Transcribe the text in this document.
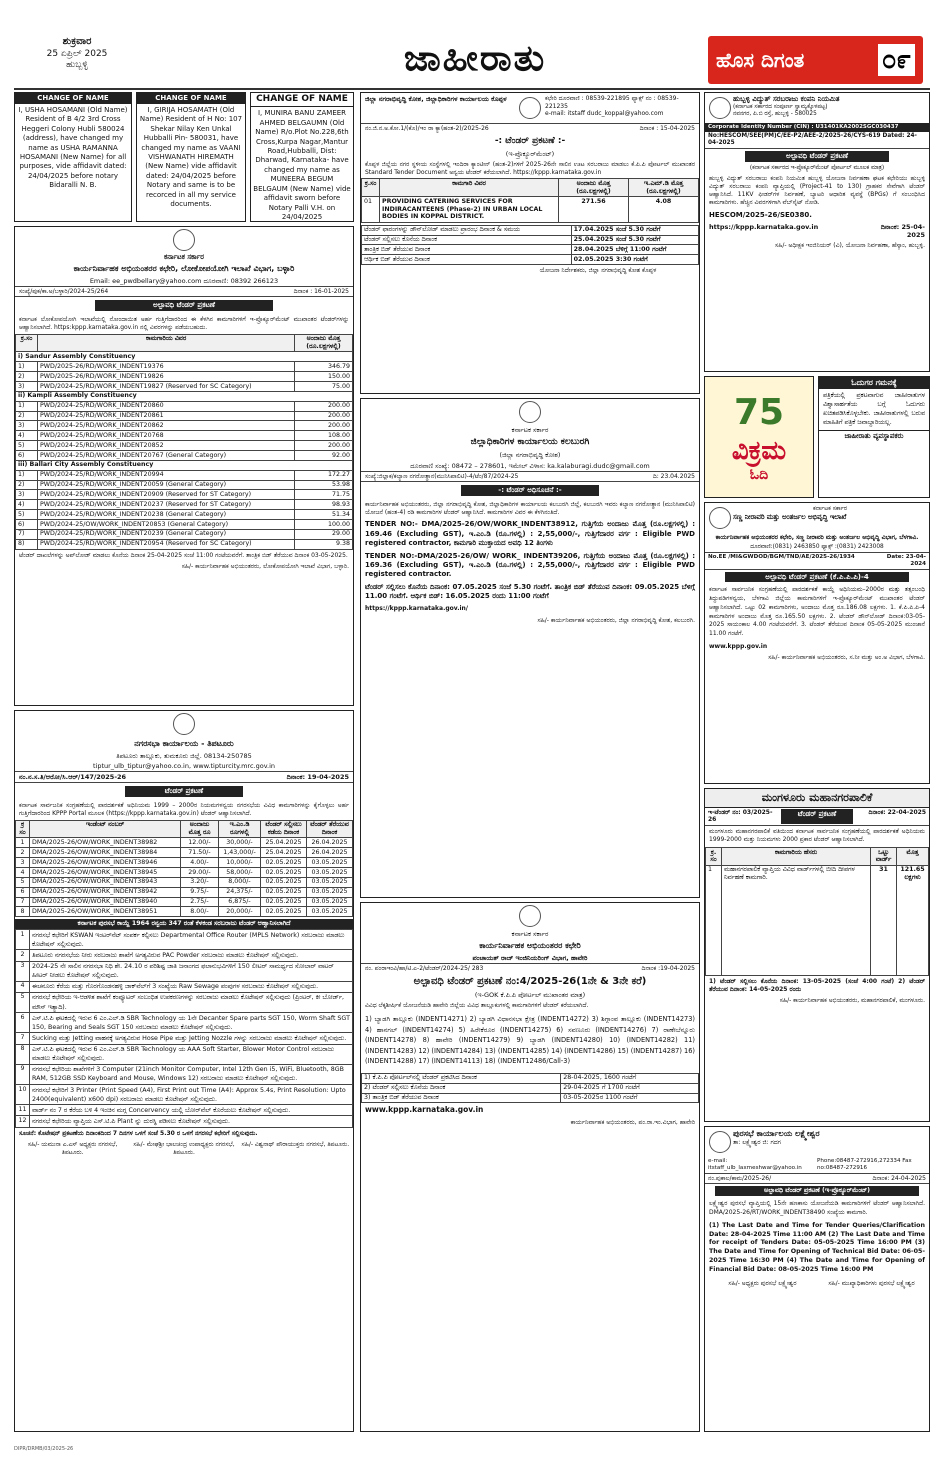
ಶುಕ್ರವಾರ
25 ಏಪ್ರಿಲ್ 2025
ಹುಬ್ಬಳ್ಳಿ	ಜಾಹೀರಾತು	ಹೊಸ ದಿಗಂತ	೦೯
CHANGE OF NAME
I, USHA HOSAMANI (Old Name) Resident of B 4/2 3rd Cross Heggeri Colony Hubli 580024 (address), have changed my name as USHA RAMANNA HOSAMANI (New Name) for all purposes, vide affidavit dated: 24/04/2025 before notary Bidaralli N. B.
CHANGE OF NAME
I, GIRIJA HOSAMATH (Old Name) Resident of H No: 107 Shekar Nilay Ken Unkal Hubballi Pin- 580031, have changed my name as VAANI VISHWANATH HIREMATH (New Name) vide affidavit dated: 24/04/2025 before Notary and same is to be recorced in all my service documents.
CHANGE OF NAME
I, MUNIRA BANU ZAMEER AHMED BELGAUMN (Old Name) R/o.Plot No.228,6th Cross,Kurpa Nagar,Mantur Road,Hubballi, Dist: Dharwad, Karnataka- have changed my name as MUNEERA BEGUM BELGAUM (New Name) vide affidavit sworn before Notary Palli V.H. on 24/04/2025
ಕರ್ನಾಟಕ ಸರ್ಕಾರ
ಕಾರ್ಯನಿರ್ವಾಹಕ ಅಭಿಯಂತರರ ಕಛೇರಿ, ಲೋಕೋಪಯೋಗಿ ಇಲಾಖೆ ವಿಭಾಗ, ಬಳ್ಳಾರಿ
Email: ee_pwdbellary@yahoo.com ದೂರವಾಣಿ: 08392 266123
ಸಂಖ್ಯೆ/ಪುಕ/ಕಾ.ಅ/ಬಳ್ಳಾರಿ/2024-25/264	ದಿನಾಂಕ : 16-01-2025
ಅಲ್ಪಾವಧಿ ಟೆಂಡರ್ ಪ್ರಕಟಣೆ
ಕರ್ನಾಟಕ ಲೋಕೋಪಯೋಗಿ ಇಲಾಖೆಯಲ್ಲಿ ನೋಂದಾಯಿತ ಅರ್ಹ ಗುತ್ತಿಗೆದಾರರಿಂದ ಈ ಕೆಳಗಿನ ಕಾಮಗಾರಿಗಳಿಗೆ ಇ-ಪ್ರೊಕ್ಯೂರ್‌ಮೆಂಟ್ ಮುಖಾಂತರ ಟೆಂಡರ್‌ಗಳನ್ನು ಆಹ್ವಾನಿಸಲಾಗಿದೆ. https:kppp.karnataka.gov.in ನಲ್ಲಿ ವಿವರಗಳನ್ನು ಪಡೆಯಬಹುದು.
ಕ್ರ.ಸಂ	ಕಾಮಗಾರಿಯ ವಿವರ	ಅಂದಾಜು ಮೊತ್ತ (ರೂ.ಲಕ್ಷಗಳಲ್ಲಿ)
i) Sandur Assembly Constituency		
1)	PWD/2025-26/RD/WORK_INDENT19376	346.79
2)	PWD/2025-26/RD/WORK_INDENT19826	150.00
3)	PWD/2024-25/RD/WORK_INDENT19827 (Reserved for SC Category)	75.00
ii) Kampli Assembly Constituency		
1)	PWD/2024-25/RD/WORK_INDENT20860	200.00
2)	PWD/2024-25/RD/WORK_INDENT20861	200.00
3)	PWD/2024-25/RD/WORK_INDENT20862	200.00
4)	PWD/2024-25/RD/WORK_INDENT20768	108.00
5)	PWD/2024-25/RD/WORK_INDENT20852	200.00
6)	PWD/2024-25/RD/WORK_INDENT20767 (General Category)	92.00
iii) Ballari City Assembly Constituency		
1)	PWD/2024-25/RD/WORK_INDENT20994	172.27
2)	PWD/2024-25/RD/WORK_INDENT20059 (General Category)	53.98
3)	PWD/2024-25/RD/WORK_INDENT20909 (Reserved for ST Category)	71.75
4)	PWD/2024-25/RD/WORK_INDENT20237 (Reserved for ST Category)	98.93
5)	PWD/2024-25/RD/WORK_INDENT20238 (General Category)	51.34
6)	PWD/2024-25/OW/WORK_INDENT20853 (General Category)	100.00
7)	PWD/2024-25/RD/WORK_INDENT20239 (General Category)	29.00
8)	PWD/2024-25/RD/WORK_INDENT20954 (Reserved for SC Category)	9.38
ಟೆಂಡರ್ ದಾಖಲೆಗಳನ್ನು ಅಪ್‌ಲೋಡ್ ಮಾಡಲು ಕೊನೆಯ ದಿನಾಂಕ 25-04-2025 ಸಂಜೆ 11:00 ಗಂಟೆಯವರೆಗೆ. ತಾಂತ್ರಿಕ ಬಿಡ್ ತೆರೆಯುವ ದಿನಾಂಕ 03-05-2025.
ಸಹಿ/- ಕಾರ್ಯನಿರ್ವಾಹಕ ಅಭಿಯಂತರರು, ಲೋಕೋಪಯೋಗಿ ಇಲಾಖೆ ವಿಭಾಗ, ಬಳ್ಳಾರಿ.
ನಗರಸಭಾ ಕಾರ್ಯಾಲಯ - ತಿಪಟೂರು
ತಿಪಟೂರು ತಾಲ್ಲೂಕು, ತುಮಕೂರು ಜಿಲ್ಲೆ. 08134-250785
tiptur_ulb_tiptur@yahoo.co.in, www.tipturcity.mrc.gov.in
ನಂ.ನ.ಸ.ತಿ/ಆರೋ/ಸಿ.ಆರ್/147/2025-26	ದಿನಾಂಕ: 19-04-2025
ಟೆಂಡರ್ ಪ್ರಕಟಣೆ
ಕರ್ನಾಟಕ ಸಾರ್ವಜನಿಕ ಸಂಗ್ರಹಣೆಯಲ್ಲಿ ಪಾರದರ್ಶಕತೆ ಅಧಿನಿಯಮ 1999 – 2000ರ ನಿಯಮಗಳನ್ವಯ ನಗರಸಭೆಯ ವಿವಿಧ ಕಾಮಗಾರಿಗಳನ್ನು ಕೈಗೊಳ್ಳಲು ಅರ್ಹ ಗುತ್ತಿಗೆದಾರರಿಂದ KPPP Portal ಮೂಲಕ (https://kppp.karnataka.gov.in) ಟೆಂಡರ್ ಆಹ್ವಾನಿಸಲಾಗಿದೆ.
ಕ್ರ ಸಂ	ಇಂಡೆಂಟ್ ನಂಬರ್	ಅಂದಾಜು ಮೊತ್ತ ರೂ	ಇ.ಎಂ.ಡಿ ರೂಗಳಲ್ಲಿ	ಟೆಂಡರ್ ಸಲ್ಲಿಸಲು ಕಡೆಯ ದಿನಾಂಕ	ಟೆಂಡರ್ ತೆರೆಯುವ ದಿನಾಂಕ
1	DMA/2025-26/OW/WORK_INDENT38982	12.00/-	30,000/-	25.04.2025	26.04.2025
2	DMA/2025-26/OW/WORK_INDENT38984	71.50/-	1,43,000/-	25.04.2025	26.04.2025
3	DMA/2025-26/OW/WORK_INDENT38946	4.00/-	10,000/-	02.05.2025	03.05.2025
4	DMA/2025-26/OW/WORK_INDENT38945	29.00/-	58,000/-	02.05.2025	03.05.2025
5	DMA/2025-26/OW/WORK_INDENT38943	3.20/-	8,000/-	02.05.2025	03.05.2025
6	DMA/2025-26/OW/WORK_INDENT38942	9.75/-	24,375/-	02.05.2025	03.05.2025
7	DMA/2025-26/OW/WORK_INDENT38940	2.75/-	6,875/-	02.05.2025	03.05.2025
8	DMA/2025-26/OW/WORK_INDENT38951	8.00/-	20,000/-	02.05.2025	03.05.2025
ಕರ್ನಾಟಕ ಪುರಸಭೆ ಕಾಯ್ದೆ 1964 ರನ್ವಯ 347 ರಂತೆ ಕೆಳಕಂಡ ಸರಬರಾಜು ಟೆಂಡರ್ ಆಹ್ವಾನಿಸಲಾಗಿದೆ
1	ನಗರಸಭೆ ಕಛೇರಿಗೆ KSWAN ಇಂಟರ್‌ನೆಟ್ ಸಂಪರ್ಕ ಕಲ್ಪಿಸಲು Departmental Office Router (MPLS Network) ಸರಬರಾಜು ಮಾಡಲು ಕೊಟೇಷನ್ ಸಲ್ಲಿಸುವುದು.
2	ತಿಪಟೂರು ನಗರಸಭೆಯ ನೀರು ಸರಬರಾಜು ಶಾಖೆಗೆ ಅಗತ್ಯವಿರುವ PAC Powder ಸರಬರಾಜು ಮಾಡಲು ಕೊಟೇಷನ್ ಸಲ್ಲಿಸುವುದು.
3	2024-25 ನೇ ಸಾಲಿನ ನಗರಸಭಾ ನಿಧಿ ಶೇ. 24.10 ರ ಪರಿಶಿಷ್ಟ ಜಾತಿ ಜನಾಂಗದ ಫಲಾನುಭವಿಗಳಿಗೆ 150 ಲೀಟರ್ ಸಾಮರ್ಥ್ಯದ ಸೋಲಾರ್ ವಾಟರ್ ಹೀಟರ್ ನೀಡಲು ಕೊಟೇಷನ್ ಸಲ್ಲಿಸುವುದು.
4	ಈಚನೂರು ಕೆರೆಯ ಮತ್ತು ಗೊರಗೊಂಡನಹಳ್ಳಿ ಜಾಕ್‌ವೆಲ್‌ಗೆ 3 ಸಂಖ್ಯೆಯ Raw Sewage ಪಂಪುಗಳ ಸರಬರಾಜು ಕೊಟೇಷನ್ ಸಲ್ಲಿಸುವುದು.
5	ನಗರಸಭೆ ಕಛೇರಿಯ ಇ-ಆಡಳಿತ ಶಾಖೆಗೆ ಕಂಪ್ಯೂಟರ್ ಸಂಬಂಧಿತ ಉಪಕರಣಗಳನ್ನು ಸರಬರಾಜು ಮಾಡಲು ಕೊಟೇಷನ್ ಸಲ್ಲಿಸುವುದು (ಪ್ರಿಂಟರ್, ಕೀ ಬೋರ್ಡ್, ಮೌಸ್ ಇತ್ಯಾದಿ).
6	ಎಸ್.ಟಿ.ಪಿ ಘಟಕದಲ್ಲಿ ಇರುವ 6 ಎಂ.ಎಲ್.ಡಿ SBR Technology ಯ 1ನೇ Decanter Spare parts SGT 150, Worm Shaft SGT 150, Bearing and Seals SGT 150 ಸರಬರಾಜು ಮಾಡಲು ಕೊಟೇಷನ್ ಸಲ್ಲಿಸುವುದು.
7	Sucking ಮತ್ತು Jetting ವಾಹನಕ್ಕೆ ಅಗತ್ಯವಿರುವ Hose Pipe ಮತ್ತು Jetting Nozzle ಗಳನ್ನು ಸರಬರಾಜು ಮಾಡಲು ಕೊಟೇಷನ್ ಸಲ್ಲಿಸುವುದು.
8	ಎಸ್.ಟಿ.ಪಿ ಘಟಕದಲ್ಲಿ ಇರುವ 6 ಎಂ.ಎಲ್.ಡಿ SBR Technology ಯ AAA Soft Starter, Blower Motor Control ಸರಬರಾಜು ಮಾಡಲು ಕೊಟೇಷನ್ ಸಲ್ಲಿಸುವುದು.
9	ನಗರಸಭೆ ಕಛೇರಿಯ ಶಾಖೆಗಳಿಗೆ 3 Computer (21inch Monitor Computer, Intel 12th Gen i5, WiFi, Bluetooth, 8GB RAM, 512GB SSD Keyboard and Mouse, Windows 12) ಸರಬರಾಜು ಮಾಡಲು ಕೊಟೇಷನ್ ಸಲ್ಲಿಸುವುದು.
10	ನಗರಸಭೆ ಕಛೇರಿಗೆ 3 Printer (Print Speed (A4), First Print out Time (A4): Approx 5.4s, Print Resolution: Upto 2400(equivalent) x600 dpi) ಸರಬರಾಜು ಮಾಡಲು ಕೊಟೇಷನ್ ಸಲ್ಲಿಸುವುದು.
11	ವಾರ್ಡ್ ನಂ 7 ರ ಕೆರೆಯ ಬಳಿ 4 ಇಂಚಿನ ಮಗ್ಗ Concervency ಯಲ್ಲಿ ಬೋರ್‌ವೆಲ್ ಕೊರೆಯಲು ಕೊಟೇಷನ್ ಸಲ್ಲಿಸುವುದು.
12	ನಗರಸಭೆ ಕಛೇರಿಯ ವ್ಯಾಪ್ತಿಯ ಎಸ್.ಟಿ.ಪಿ Plant ನ್ನು ದುರಸ್ಥಿ ಪಡಿಸಲು ಕೊಟೇಷನ್ ಸಲ್ಲಿಸುವುದು.
ಸೂಚನೆ: ಕೊಟೇಷನ್ ಪ್ರಕಟಣೆಯ ದಿನಾಂಕದಿಂದ 7 ದಿನಗಳ ಒಳಗೆ ಸಂಜೆ 5.30 ರ ಒಳಗೆ ನಗರಸಭೆ ಕಛೇರಿಗೆ ಸಲ್ಲಿಸುವುದು.
ಸಹಿ/- ಯಮುನಾ ಎ.ಎಸ್ ಅಧ್ಯಕ್ಷರು ನಗರಸಭೆ, ತಿಪಟೂರು.
ಸಹಿ/- ಮೇಘಶ್ರೀ ಭಾಲಚಂದ್ರ ಉಪಾಧ್ಯಕ್ಷರು ನಗರಸಭೆ, ತಿಪಟೂರು.
ಸಹಿ/- ವಿಶ್ವನಾಥ್ ಪೌರಾಯುಕ್ತರು ನಗರಸಭೆ, ತಿಪಟೂರು.
ಜಿಲ್ಲಾ ನಗರಾಭಿವೃದ್ಧಿ ಕೋಶ, ಜಿಲ್ಲಾಧಿಕಾರಿಗಳ ಕಾರ್ಯಾಲಯ ಕೊಪ್ಪಳ	ಕಛೇರಿ ದೂರವಾಣಿ : 08539-221895 ಫ್ಯಾಕ್ಸ್ ನಂ : 08539-221235
e-mail: itstaff dudc_koppal@yahoo.com
ನಂ.ಜಿ.ನ.ಅ.ಕೋ.1/(ಕೊ)/ಇಂ ರಾ ಕ್ಯಾ(ಹಂತ-2)/2025-26	ದಿನಾಂಕ : 15-04-2025
-: ಟೆಂಡರ್ ಪ್ರಕಟಣೆ :-
(ಇ-ಪ್ರೊಕ್ಯೂರ್‌ಮೆಂಟ್)
ಕೊಪ್ಪಳ ಜಿಲ್ಲೆಯ ನಗರ ಸ್ಥಳೀಯ ಸಂಸ್ಥೆಗಳಲ್ಲಿ ಇಂದಿರಾ ಕ್ಯಾಂಟೀನ್ (ಹಂತ-2)ಗಳಿಗೆ 2025-26ನೇ ಸಾಲಿನ ಊಟ ಸರಬರಾಜು ಮಾಡಲು ಕೆ.ಪಿ.ಪಿ ಪೋರ್ಟಲ್ ಮುಖಾಂತರ Standard Tender Document ಅನ್ವಯ ಟೆಂಡರ್ ಕರೆಯಲಾಗಿದೆ. https://kppp.karnataka.gov.in
ಕ್ರ.ಸಂ	ಕಾಮಗಾರಿ ವಿವರ	ಅಂದಾಜು ಮೊತ್ತ (ರೂ.ಲಕ್ಷಗಳಲ್ಲಿ)	ಇ.ಎಮ್.ಡಿ ಮೊತ್ತ (ರೂ.ಲಕ್ಷಗಳಲ್ಲಿ)
01	PROVIDING CATERING SERVICES FOR INDIRACANTEENS (Phase-2) IN URBAN LOCAL BODIES IN KOPPAL DISTRICT.	271.56	4.08
ಟೆಂಡರ್ ಫಾರಂಗಳನ್ನು ಡೌನ್‌ಲೋಡ್ ಮಾಡಲು ಪ್ರಾರಂಭ ದಿನಾಂಕ & ಸಮಯ	17.04.2025 ಸಂಜೆ 5.30 ಗಂಟೆಗೆ
ಟೆಂಡರ್ ಸಲ್ಲಿಸಲು ಕೊನೆಯ ದಿನಾಂಕ	25.04.2025 ಸಂಜೆ 5.30 ಗಂಟೆಗೆ
ತಾಂತ್ರಿಕ ಬಿಡ್ ತೆರೆಯುವ ದಿನಾಂಕ	28.04.2025 ಬೆಳಿಗ್ಗೆ 11:00 ಗಂಟೆಗೆ
ಆರ್ಥಿಕ ಬಿಡ್ ತೆರೆಯುವ ದಿನಾಂಕ	02.05.2025 3:30 ಗಂಟೆಗೆ
ಯೋಜನಾ ನಿರ್ದೇಶಕರು, ಜಿಲ್ಲಾ ನಗರಾಭಿವೃದ್ಧಿ ಕೋಶ ಕೊಪ್ಪಳ
ಕರ್ನಾಟಕ ಸರ್ಕಾರ
ಜಿಲ್ಲಾಧಿಕಾರಿಗಳ ಕಾರ್ಯಾಲಯ ಕಲಬುರಗಿ
(ಜಿಲ್ಲಾ ನಗರಾಭಿವೃದ್ಧಿ ಕೋಶ)
ದೂರವಾಣಿ ಸಂಖ್ಯೆ: 08472 – 278601, ಇಮೇಲ್ ವಿಳಾಸ: ka.kalaburagi.dudc@gmail.com
ಸಂಖ್ಯೆ:ಜಿಲ್ಲಾಕ/ಕಲ್ಯಾಣ ನಗರೋತ್ಥಾನ(ಮುನಿಸಿಪಾಲಿಟಿ)-4/ಟೆಂ/87/2024-25	ದಿ: 23.04.2025
-: ಟೆಂಡರ್ ಅಧಿಸೂಚನೆ :-
ಕಾರ್ಯನಿರ್ವಾಹಕ ಅಭಿಯಂತರರು, ಜಿಲ್ಲಾ ನಗರಾಭಿವೃದ್ಧಿ ಕೋಶ, ಜಿಲ್ಲಾಧಿಕಾರಿಗಳ ಕಾರ್ಯಾಲಯ ಕಲಬುರಗಿ ಜಿಲ್ಲೆ, ಕಲಬುರಗಿ ಇವರು ಕಲ್ಯಾಣ ನಗರೋತ್ಥಾನ (ಮುನಿಸಿಪಾಲಿಟಿ) ಯೋಜನೆ (ಹಂತ-4) ರಡಿ ಕಾಮಗಾರಿಗಳ ಟೆಂಡರ್ ಆಹ್ವಾನಿಸಿದೆ. ಕಾಮಗಾರಿಗಳ ವಿವರ ಈ ಕೆಳಗಿನಂತಿದೆ.
TENDER NO:- DMA/2025-26/OW/WORK_INDENT38912, ಗುತ್ತಿಗೆಯ ಅಂದಾಜು ಮೊತ್ತ (ರೂ.ಲಕ್ಷಗಳಲ್ಲಿ) : 169.46 (Excluding GST), ಇ.ಎಂ.ಡಿ (ರೂ.ಗಳಲ್ಲಿ) : 2,55,000/-, ಗುತ್ತಿಗೆದಾರರ ವರ್ಗ : Eligible PWD registered contractor, ಕಾಮಗಾರಿ ಮುಕ್ತಾಯದ ಅವಧಿ 12 ತಿಂಗಳು
TENDER NO:-DMA/2025-26/OW/ WORK_ INDENT39206, ಗುತ್ತಿಗೆಯ ಅಂದಾಜು ಮೊತ್ತ (ರೂ.ಲಕ್ಷಗಳಲ್ಲಿ) : 169.36 (Excluding GST), ಇ.ಎಂ.ಡಿ (ರೂ.ಗಳಲ್ಲಿ) : 2,55,000/-, ಗುತ್ತಿಗೆದಾರರ ವರ್ಗ : Eligible PWD registered contractor.
ಟೆಂಡರ್ ಸಲ್ಲಿಸಲು ಕೊನೆಯ ದಿನಾಂಕ: 07.05.2025 ಸಂಜೆ 5.30 ಗಂಟೆಗೆ. ತಾಂತ್ರಿಕ ಬಿಡ್ ತೆರೆಯುವ ದಿನಾಂಕ: 09.05.2025 ಬೆಳಿಗ್ಗೆ 11.00 ಗಂಟೆಗೆ. ಆರ್ಥಿಕ ಬಿಡ್: 16.05.2025 ರಂದು 11:00 ಗಂಟೆಗೆ
https://kppp.karnataka.gov.in/
ಸಹಿ/- ಕಾರ್ಯನಿರ್ವಾಹಕ ಅಭಿಯಂತರರು, ಜಿಲ್ಲಾ ನಗರಾಭಿವೃದ್ಧಿ ಕೋಶ, ಕಲಬುರಗಿ.
ಕರ್ನಾಟಕ ಸರ್ಕಾರ
ಕಾರ್ಯನಿರ್ವಾಹಕ ಅಭಿಯಂತರರ ಕಛೇರಿ
ಪಂಚಾಯತ್ ರಾಜ್ ಇಂಜಿನಿಯರಿಂಗ್ ವಿಭಾಗ, ಹಾವೇರಿ
ನಂ. ಪಂರಾಇಂವಿ/ಹಾ/ಟಿ.ಎ-2/ಟೆಂಡರ್/2024-25/ 283	ದಿನಾಂಕ :19-04-2025
ಅಲ್ಪಾವಧಿ ಟೆಂಡರ್ ಪ್ರಕಟಣೆ ನಂ:4/2025-26(1ನೇ & 3ನೇ ಕರೆ)
(ಇ-GOK ಕೆ.ಪಿ.ಪಿ ಪೋರ್ಟಲ್ ಮುಖಾಂತರ ಮಾತ್ರ)
ವಿವಿಧ ಲೆಕ್ಕಶೀರ್ಷಿಕೆ ಯೋಜನೆಯಡಿ ಹಾವೇರಿ ಜಿಲ್ಲೆಯ ವಿವಿಧ ತಾಲ್ಲೂಕುಗಳಲ್ಲಿ ಕಾಮಗಾರಿಗಳಿಗೆ ಟೆಂಡರ್ ಕರೆಯಲಾಗಿದೆ.
1) ಬ್ಯಾಡಗಿ ತಾಲ್ಲೂಕು (INDENT14271) 2) ಬ್ಯಾಡಗಿ ವಿಧಾನಸಭಾ ಕ್ಷೇತ್ರ (INDENT14272) 3) ಶಿಗ್ಗಾಂವ ತಾಲ್ಲೂಕು (INDENT14273) 4) ಹಾನಗಲ್ (INDENT14274) 5) ಹಿರೇಕೆರೂರ (INDENT14275) 6) ಸವಣೂರು (INDENT14276) 7) ರಾಣೇಬೆನ್ನೂರು (INDENT14278) 8) ಹಾವೇರಿ (INDENT14279) 9) ಬ್ಯಾಡಗಿ (INDENT14280) 10) (INDENT14282) 11) (INDENT14283) 12) (INDENT14284) 13) (INDENT14285) 14) (INDENT14286) 15) (INDENT14287) 16) (INDENT14288) 17) (INDENT14113) 18) (INDENT12486/Call-3)
1) ಕೆ.ಪಿ.ಪಿ ಪೋರ್ಟಲ್‌ನಲ್ಲಿ ಟೆಂಡರ್ ಪ್ರಕಟಿಸಿದ ದಿನಾಂಕ	28-04-2025, 1600 ಗಂಟೆಗೆ
2) ಟೆಂಡರ್ ಸಲ್ಲಿಸಲು ಕೊನೆಯ ದಿನಾಂಕ	29-04-2025 ಗೆ 1700 ಗಂಟೆಗೆ
3) ತಾಂತ್ರಿಕ ಬಿಡ್ ತೆರೆಯುವ ದಿನಾಂಕ	03-05-2025ರ 1100 ಗಂಟೆಗೆ
www.kppp.karnataka.gov.in
ಕಾರ್ಯನಿರ್ವಾಹಕ ಅಭಿಯಂತರರು, ಪಂ.ರಾ.ಇಂ.ವಿಭಾಗ, ಹಾವೇರಿ
ಹುಬ್ಬಳ್ಳಿ ವಿದ್ಯುತ್ ಸರಬರಾಜು ಕಂಪನಿ ನಿಯಮಿತ
(ಕರ್ನಾಟಕ ಸರ್ಕಾರದ ಸಂಪೂರ್ಣ ಸ್ವಾಮ್ಯಕ್ಕೊಳಪಟ್ಟ)
ನವನಗರ, ಪಿ.ಬಿ ರಸ್ತೆ, ಹುಬ್ಬಳ್ಳಿ - 580025
Corporate Identity Number (CIN) : U31401KA2002SGC030437
No:HESCOM/SEE(PM)C/EE-P2/AEE-2/2025-26/CYS-619 Dated: 24-04-2025
ಅಲ್ಪಾವಧಿ ಟೆಂಡರ್ ಪ್ರಕಟಣೆ
(ಕರ್ನಾಟಕ ಸರ್ಕಾರದ ಇ-ಪ್ರೊಕ್ಯೂರ್‌ಮೆಂಟ್ ಪೋರ್ಟಲ್ ಮೂಲಕ ಮಾತ್ರ)
ಹುಬ್ಬಳ್ಳಿ ವಿದ್ಯುತ್ ಸರಬರಾಜು ಕಂಪನಿ ನಿಯಮಿತ ಹುಬ್ಬಳ್ಳಿ ಯೋಜನಾ ನಿರ್ವಹಣಾ ಘಟಕ ಕಛೇರಿಯು ಹುಬ್ಬಳ್ಳಿ ವಿದ್ಯುತ್ ಸರಬರಾಜು ಕಂಪನಿ ವ್ಯಾಪ್ತಿಯಲ್ಲಿ (Project-41 to 130) ಗ್ರಾಹಕರ ಸೇವೆಗಾಗಿ ಟೆಂಡರ್ ಆಹ್ವಾನಿಸಿದೆ. 11KV ಫೀಡರ್‌ಗಳ ನಿರ್ವಹಣೆ, ಬ್ಯಾಟರಿ ಆಧಾರಿತ ವ್ಯವಸ್ಥೆ (BPGs) ಗೆ ಸಂಬಂಧಿಸಿದ ಕಾಮಗಾರಿಗಳು. ಹೆಚ್ಚಿನ ವಿವರಗಳಿಗಾಗಿ ವೆಬ್‌ಸೈಟ್ ನೋಡಿ.
HESCOM/2025-26/SE0380.
https://kppp.karnataka.gov.in	ದಿನಾಂಕ: 25-04-2025
ಸಹಿ/- ಅಧೀಕ್ಷಕ ಇಂಜಿನಿಯರ್ (ವಿ), ಯೋಜನಾ ನಿರ್ವಹಣಾ, ಹೆಸ್ಕಾಂ, ಹುಬ್ಬಳ್ಳಿ.
75
ವಿಕ್ರಮ
ಓದಿ
ಓದುಗರ ಗಮನಕ್ಕೆ
ಪತ್ರಿಕೆಯಲ್ಲಿ ಪ್ರಕಟವಾಗುವ ಜಾಹೀರಾತುಗಳ ವಿಶ್ವಾಸಾರ್ಹತೆಯ ಬಗ್ಗೆ ಓದುಗರು ಖಚಿತಪಡಿಸಿಕೊಳ್ಳಬೇಕು. ಜಾಹೀರಾತುಗಳಲ್ಲಿ ಬರುವ ಮಾಹಿತಿಗೆ ಪತ್ರಿಕೆ ಜವಾಬ್ದಾರಿಯಲ್ಲ.
ಜಾಹೀರಾತು ವ್ಯವಸ್ಥಾಪಕರು
ಕರ್ನಾಟಕ ಸರ್ಕಾರ
ಸಣ್ಣ ನೀರಾವರಿ ಮತ್ತು ಅಂತರ್ಜಲ ಅಭಿವೃದ್ಧಿ ಇಲಾಖೆ
ಕಾರ್ಯನಿರ್ವಾಹಕ ಅಭಿಯಂತರರ ಕಛೇರಿ, ಸಣ್ಣ ನೀರಾವರಿ ಮತ್ತು ಅಂತರ್ಜಲ ಅಭಿವೃದ್ಧಿ ವಿಭಾಗ, ಬೆಳಗಾವಿ.
ದೂರವಾಣಿ:(0831) 2463850 ಫ್ಯಾಕ್ಸ್ :(0831) 2423008
No.EE /MI&GWDOD/BGM/TND/AE/2025-26/1934	Date: 23-04-2024
ಅಲ್ಪಾವಧಿ ಟೆಂಡರ್ ಪ್ರಕಟಣೆ (ಕೆ.ಪಿ.ಪಿ.ಪಿ)-4
ಕರ್ನಾಟಕ ಸಾರ್ವಜನಿಕ ಸಂಗ್ರಹಣೆಯಲ್ಲಿ ಪಾರದರ್ಶಕತೆ ಕಾಯ್ದೆ ಅಧಿನಿಯಮ–2000ರ ಮತ್ತು ತತ್ಸಂಬಂಧಿ ತಿದ್ದುಪಡಿಗಳನ್ವಯ, ಬೆಳಗಾವಿ ಜಿಲ್ಲೆಯ ಕಾಮಗಾರಿಗಳಿಗೆ ಇ-ಪ್ರೊಕ್ಯೂರ್‌ಮೆಂಟ್ ಮುಖಾಂತರ ಟೆಂಡರ್ ಆಹ್ವಾನಿಸಲಾಗಿದೆ. ಒಟ್ಟು 02 ಕಾಮಗಾರಿಗಳು, ಅಂದಾಜು ಮೊತ್ತ ರೂ.186.08 ಲಕ್ಷಗಳು. 1. ಕೆ.ಪಿ.ಪಿ.ಪಿ-4 ಕಾಮಗಾರಿಗಳ ಅಂದಾಜು ಮೊತ್ತ ರೂ.165.50 ಲಕ್ಷಗಳು. 2. ಟೆಂಡರ್ ಡೌನ್‌ಲೋಡ್ ದಿನಾಂಕ:03-05-2025 ಸಾಯಂಕಾಲ 4.00 ಗಂಟೆಯವರೆಗೆ. 3. ಟೆಂಡರ್ ತೆರೆಯುವ ದಿನಾಂಕ 05-05-2025 ಮುಂಜಾನೆ 11.00 ಗಂಟೆಗೆ.
www.kppp.gov.in
ಸಹಿ/- ಕಾರ್ಯನಿರ್ವಾಹಕ ಅಭಿಯಂತರರು, ಸ.ನೀ ಮತ್ತು ಅಂ.ಅ ವಿಭಾಗ, ಬೆಳಗಾವಿ.
ಮಂಗಳೂರು ಮಹಾನಗರಪಾಲಿಕೆ
ಇ-ಟೆಂಡರ್ ನಂ: 03/2025-26
ಟೆಂಡರ್ ಪ್ರಕಟಣೆ	ದಿನಾಂಕ: 22-04-2025
ಮಂಗಳೂರು ಮಹಾನಗರಪಾಲಿಕೆ ವತಿಯಿಂದ ಕರ್ನಾಟಕ ಸಾರ್ವಜನಿಕ ಸಂಗ್ರಹಣೆಯಲ್ಲಿ ಪಾರದರ್ಶಕತೆ ಅಧಿನಿಯಮ 1999-2000 ಮತ್ತು ನಿಯಮಗಳು 2000 ಪ್ರಕಾರ ಟೆಂಡರ್ ಆಹ್ವಾನಿಸಲಾಗಿದೆ.
ಕ್ರ. ಸಂ	ಕಾಮಗಾರಿಯ ಹೆಸರು	ಒಟ್ಟು ವಾರ್ಡ್	ಮೊತ್ತ
1	ಮಹಾನಗರಪಾಲಿಕೆ ವ್ಯಾಪ್ತಿಯ ವಿವಿಧ ವಾರ್ಡ್‌ಗಳಲ್ಲಿ ಬೀದಿ ದೀಪಗಳ ನಿರ್ವಹಣೆ ಕಾಮಗಾರಿ.	31	121.65 ಲಕ್ಷಗಳು
1) ಟೆಂಡರ್ ಸಲ್ಲಿಸಲು ಕೊನೆಯ ದಿನಾಂಕ: 13-05-2025 (ಸಂಜೆ 4:00 ಗಂಟೆ) 2) ಟೆಂಡರ್ ತೆರೆಯುವ ದಿನಾಂಕ: 14-05-2025 ರಂದು
ಸಹಿ/- ಕಾರ್ಯನಿರ್ವಾಹಕ ಅಭಿಯಂತರರು, ಮಹಾನಗರಪಾಲಿಕೆ, ಮಂಗಳೂರು.
ಪುರಸಭೆ ಕಾರ್ಯಾಲಯ ಲಕ್ಷ್ಮೇಶ್ವರ
ತಾ: ಲಕ್ಷ್ಮೇಶ್ವರ ಜಿ: ಗದಗ
e-mail: itstaff_ulb_laxmeshwar@yahoo.in
Phone:08487-272916,272334 Fax no:08487-272916
ನಂ.ಪುಕಾಲ/ಕಾಮ/2025-26/	ದಿನಾಂಕ: 24-04-2025
ಅಲ್ಪಾವಧಿ ಟೆಂಡರ್ ಪ್ರಕಟಣೆ (ಇ-ಪ್ರೊಕ್ಯೂರ್‌ಮೆಂಟ್)
ಲಕ್ಷ್ಮೇಶ್ವರ ಪುರಸಭೆ ವ್ಯಾಪ್ತಿಯಲ್ಲಿ 15ನೇ ಹಣಕಾಸು ಯೋಜನೆಯಡಿ ಕಾಮಗಾರಿಗಳಿಗೆ ಟೆಂಡರ್ ಆಹ್ವಾನಿಸಲಾಗಿದೆ. DMA/2025-26/RT/WORK_INDENT38490 ಸಂಖ್ಯೆಯ ಕಾಮಗಾರಿ.
(1) The Last Date and Time for Tender Queries/Clarification Date: 28-04-2025 Time 11:00 AM (2) The Last Date and Time for receipt of Tenders Date: 05-05-2025 Time 16:00 PM (3) The Date and Time for Opening of Technical Bid Date: 06-05-2025 Time 16:30 PM (4) The Date and Time for Opening of Financial Bid Date: 08-05-2025 Time 16:00 PM
ಸಹಿ/- ಅಧ್ಯಕ್ಷರು ಪುರಸಭೆ ಲಕ್ಷ್ಮೇಶ್ವರ	ಸಹಿ/- ಮುಖ್ಯಾಧಿಕಾರಿಗಳು ಪುರಸಭೆ ಲಕ್ಷ್ಮೇಶ್ವರ
DIPR/DRMB/03/2025-26
